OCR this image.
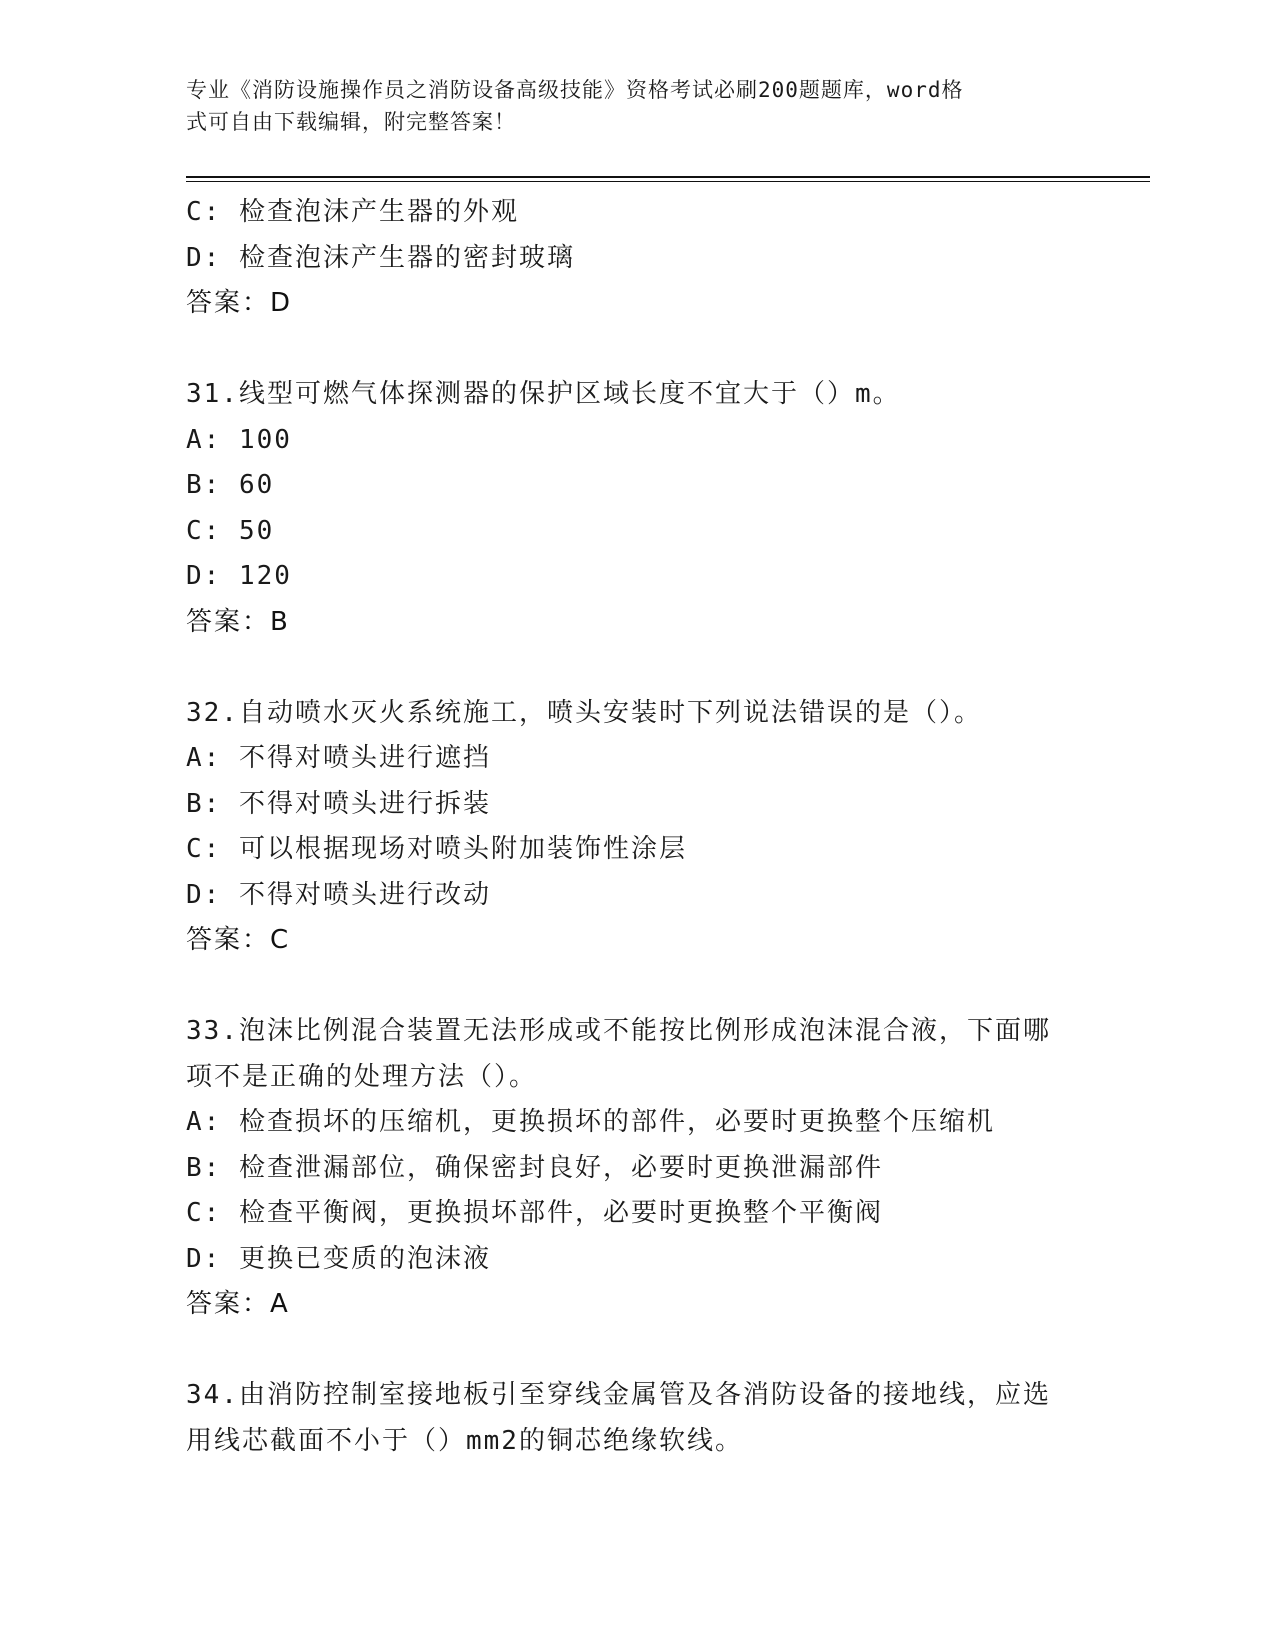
专业《消防设施操作员之消防设备高级技能》资格考试必刷200题题库，word格
式可自由下载编辑，附完整答案！
C: 检查泡沫产生器的外观
D: 检查泡沫产生器的密封玻璃
答案：D
31.线型可燃气体探测器的保护区域长度不宜大于（）m。
A: 100
B: 60
C: 50
D: 120
答案：B
32.自动喷水灭火系统施工，喷头安装时下列说法错误的是（）。
A: 不得对喷头进行遮挡
B: 不得对喷头进行拆装
C: 可以根据现场对喷头附加装饰性涂层
D: 不得对喷头进行改动
答案：C
33.泡沫比例混合装置无法形成或不能按比例形成泡沫混合液，下面哪
项不是正确的处理方法（）。
A: 检查损坏的压缩机，更换损坏的部件，必要时更换整个压缩机
B: 检查泄漏部位，确保密封良好，必要时更换泄漏部件
C: 检查平衡阀，更换损坏部件，必要时更换整个平衡阀
D: 更换已变质的泡沫液
答案：A
34.由消防控制室接地板引至穿线金属管及各消防设备的接地线，应选
用线芯截面不小于（）mm2的铜芯绝缘软线。
